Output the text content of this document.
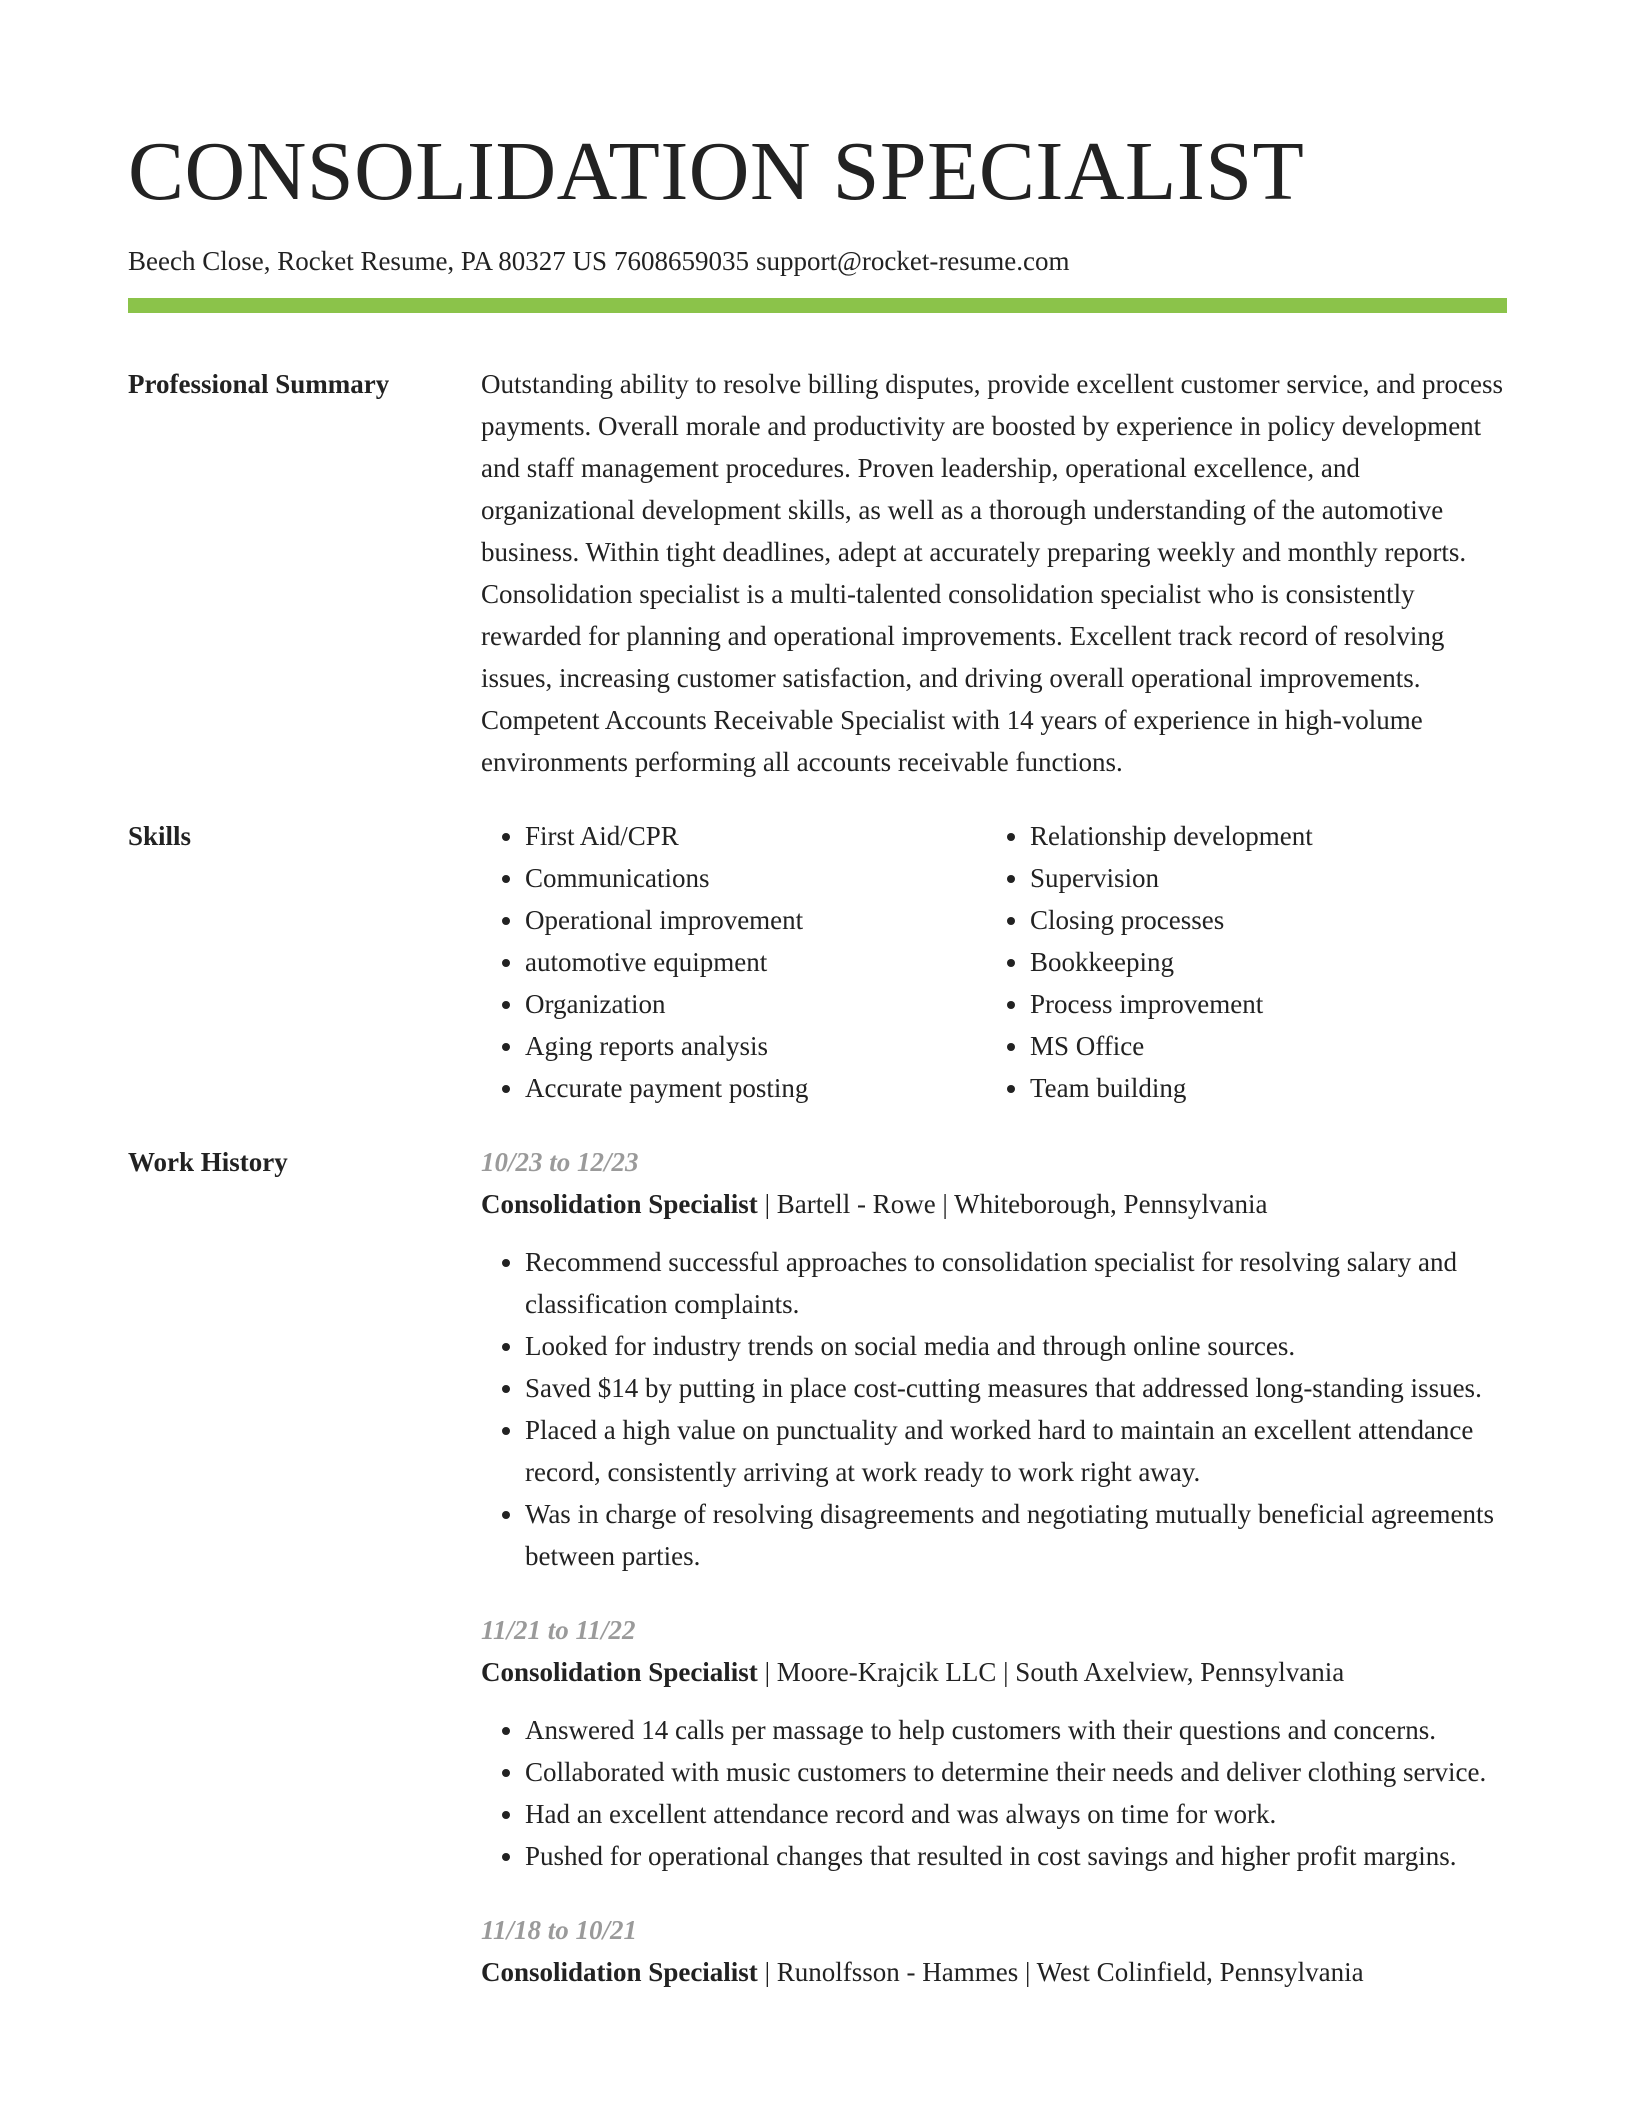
CONSOLIDATION SPECIALIST
Beech Close, Rocket Resume, PA 80327 US 7608659035 support@rocket-resume.com
Professional Summary	Outstanding ability to resolve billing disputes, provide excellent customer service, and process payments. Overall morale and productivity are boosted by experience in policy development and staff management procedures. Proven leadership, operational excellence, and organizational development skills, as well as a thorough understanding of the automotive business. Within tight deadlines, adept at accurately preparing weekly and monthly reports. Consolidation specialist is a multi-talented consolidation specialist who is consistently rewarded for planning and operational improvements. Excellent track record of resolving issues, increasing customer satisfaction, and driving overall operational improvements. Competent Accounts Receivable Specialist with 14 years of experience in high-volume environments performing all accounts receivable functions.
Skills
•	First Aid/CPR
• Communications
• Operational improvement
• automotive equipment
• Organization
• Aging reports analysis
• Accurate payment posting
• Relationship development
• Supervision
• Closing processes
• Bookkeeping
• Process improvement
• MS Office
• Team building
Work History	10/23 to 12/23
Consolidation Specialist | Bartell - Rowe | Whiteborough, Pennsylvania
• Recommend successful approaches to consolidation specialist for resolving salary and classification complaints.
• Looked for industry trends on social media and through online sources.
• Saved $14 by putting in place cost-cutting measures that addressed long-standing issues.
• Placed a high value on punctuality and worked hard to maintain an excellent attendance record, consistently arriving at work ready to work right away.
• Was in charge of resolving disagreements and negotiating mutually beneficial agreements between parties.
11/21 to 11/22
Consolidation Specialist | Moore-Krajcik LLC | South Axelview, Pennsylvania
• Answered 14 calls per massage to help customers with their questions and concerns.
• Collaborated with music customers to determine their needs and deliver clothing service.
• Had an excellent attendance record and was always on time for work.
• Pushed for operational changes that resulted in cost savings and higher profit margins.
11/18 to 10/21
Consolidation Specialist | Runolfsson - Hammes | West Colinfield, Pennsylvania
